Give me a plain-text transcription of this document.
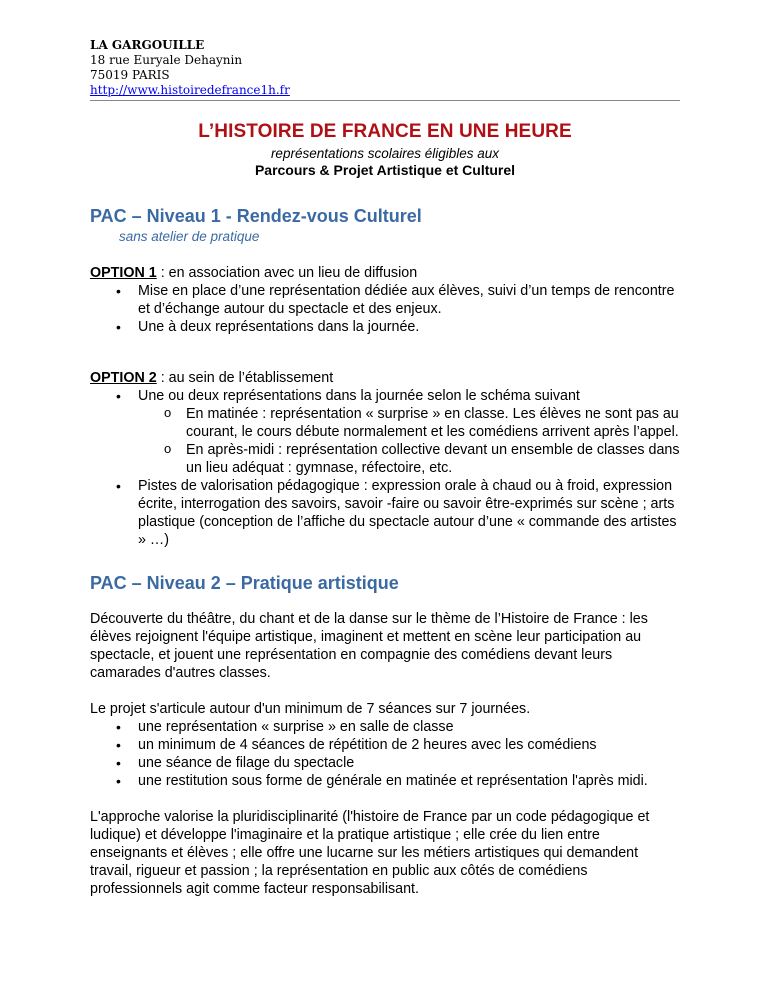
LA GARGOUILLE
18 rue Euryale Dehaynin
75019 PARIS
http://www.histoiredefrance1h.fr
L’HISTOIRE DE FRANCE EN UNE HEURE
représentations scolaires éligibles aux
Parcours & Projet Artistique et Culturel
PAC – Niveau 1 - Rendez-vous Culturel
sans atelier de pratique

OPTION 1 : en association avec un lieu de diffusion

• Mise en place d’une représentation dédiée aux élèves, suivi d’un temps de rencontre et d’échange autour du spectacle et des enjeux.
• Une à deux représentations dans la journée.

OPTION 2 : au sein de l’établissement

• Une ou deux représentations dans la journée selon le schéma suivant
o En matinée : représentation « surprise » en classe. Les élèves ne sont pas au courant, le cours débute normalement et les comédiens arrivent après l’appel.
o En après-midi : représentation collective devant un ensemble de classes dans un lieu adéquat : gymnase, réfectoire, etc.
• Pistes de valorisation pédagogique : expression orale à chaud ou à froid, expression écrite, interrogation des savoirs, savoir -faire ou savoir être-exprimés sur scène ; arts plastique (conception de l’affiche du spectacle autour d’une « commande des artistes » …)
PAC – Niveau 2 – Pratique artistique

Découverte du théâtre, du chant et de la danse sur le thème de l’Histoire de France : les élèves rejoignent l'équipe artistique, imaginent et mettent en scène leur participation au spectacle, et jouent une représentation en compagnie des comédiens devant leurs camarades d'autres classes.

Le projet s'articule autour d'un minimum de 7 séances sur 7 journées.

• une représentation « surprise » en salle de classe
• un minimum de 4 séances de répétition de 2 heures avec les comédiens
• une séance de filage du spectacle
• une restitution sous forme de générale en matinée et représentation l'après midi.

L'approche valorise la pluridisciplinarité (l'histoire de France par un code pédagogique et ludique) et développe l'imaginaire et la pratique artistique ; elle crée du lien entre enseignants et élèves ; elle offre une lucarne sur les métiers artistiques qui demandent travail, rigueur et passion ; la représentation en public aux côtés de comédiens professionnels agit comme facteur responsabilisant.
